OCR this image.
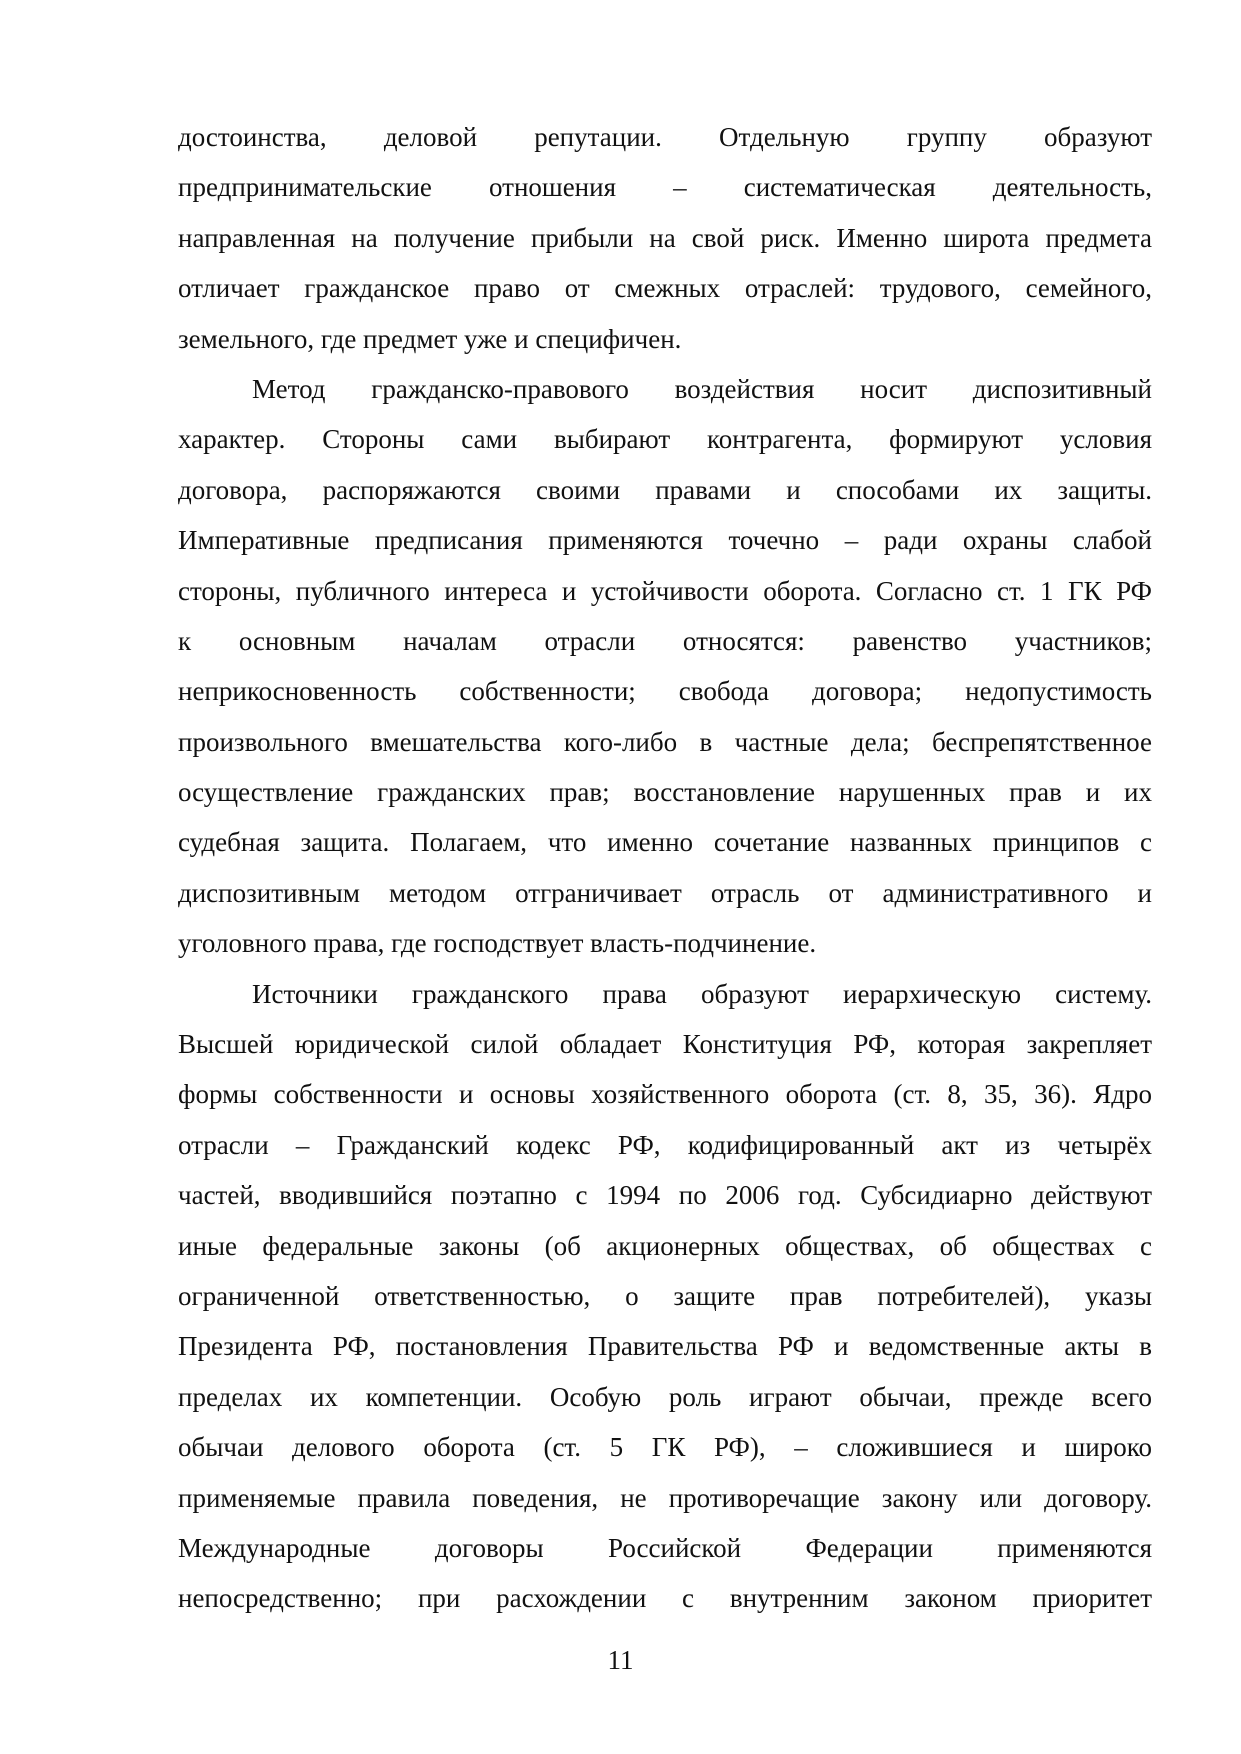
достоинства, деловой репутации. Отдельную группу образуют
предпринимательские отношения – систематическая деятельность,
направленная на получение прибыли на свой риск. Именно широта предмета
отличает гражданское право от смежных отраслей: трудового, семейного,
земельного, где предмет уже и специфичен.
Метод гражданско-правового воздействия носит диспозитивный
характер. Стороны сами выбирают контрагента, формируют условия
договора, распоряжаются своими правами и способами их защиты.
Императивные предписания применяются точечно – ради охраны слабой
стороны, публичного интереса и устойчивости оборота. Согласно ст. 1 ГК РФ
к основным началам отрасли относятся: равенство участников;
неприкосновенность собственности; свобода договора; недопустимость
произвольного вмешательства кого-либо в частные дела; беспрепятственное
осуществление гражданских прав; восстановление нарушенных прав и их
судебная защита. Полагаем, что именно сочетание названных принципов с
диспозитивным методом отграничивает отрасль от административного и
уголовного права, где господствует власть-подчинение.
Источники гражданского права образуют иерархическую систему.
Высшей юридической силой обладает Конституция РФ, которая закрепляет
формы собственности и основы хозяйственного оборота (ст. 8, 35, 36). Ядро
отрасли – Гражданский кодекс РФ, кодифицированный акт из четырёх
частей, вводившийся поэтапно с 1994 по 2006 год. Субсидиарно действуют
иные федеральные законы (об акционерных обществах, об обществах с
ограниченной ответственностью, о защите прав потребителей), указы
Президента РФ, постановления Правительства РФ и ведомственные акты в
пределах их компетенции. Особую роль играют обычаи, прежде всего
обычаи делового оборота (ст. 5 ГК РФ), – сложившиеся и широко
применяемые правила поведения, не противоречащие закону или договору.
Международные договоры Российской Федерации применяются
непосредственно; при расхождении с внутренним законом приоритет
11
